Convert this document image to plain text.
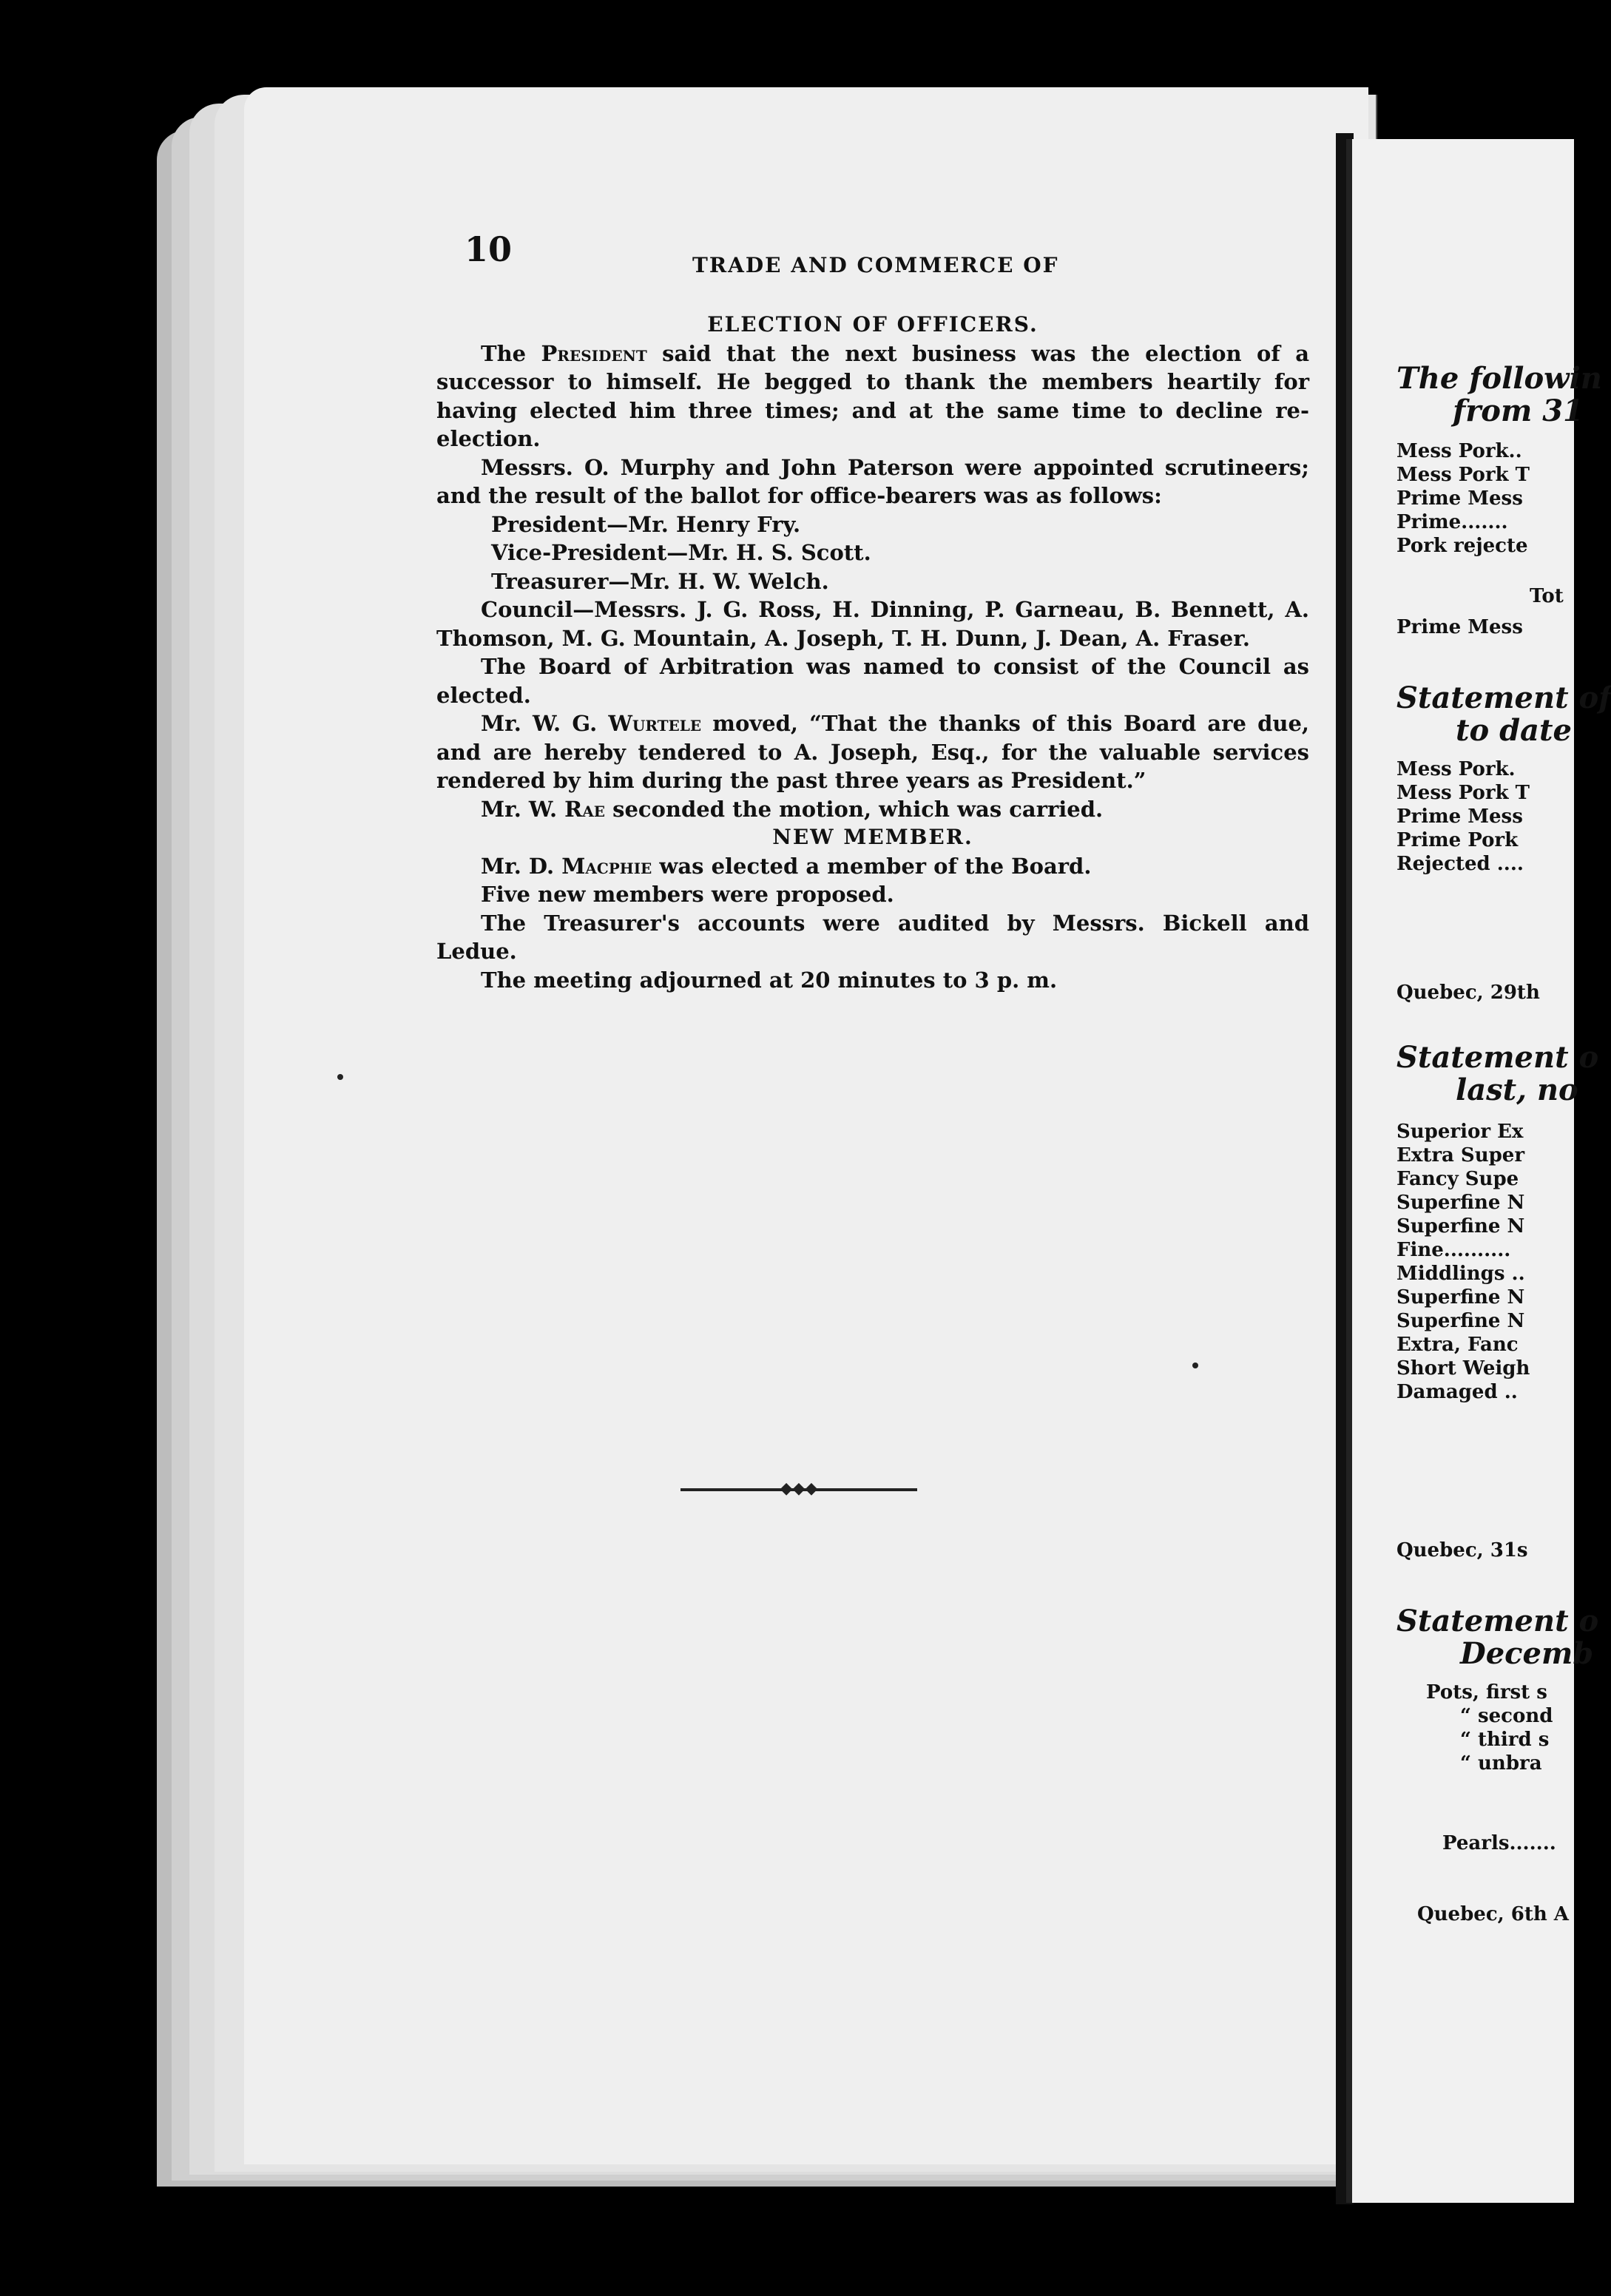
10	TRADE AND COMMERCE OF

ELECTION OF OFFICERS.

The President said that the next business was the election of a successor to himself. He begged to thank the members heartily for having elected him three times; and at the same time to decline re-election.

Messrs. O. Murphy and John Paterson were appointed scrutineers; and the result of the ballot for office-bearers was as follows:

President—Mr. Henry Fry.

Vice-President—Mr. H. S. Scott.

Treasurer—Mr. H. W. Welch.

Council—Messrs. J. G. Ross, H. Dinning, P. Garneau, B. Bennett, A. Thomson, M. G. Mountain, A. Joseph, T. H. Dunn, J. Dean, A. Fraser.

The Board of Arbitration was named to consist of the Council as elected.

Mr. W. G. Wurtele moved, “That the thanks of this Board are due, and are hereby tendered to A. Joseph, Esq., for the valuable services rendered by him during the past three years as President.”

Mr. W. Rae seconded the motion, which was carried.

NEW MEMBER.

Mr. D. Macphie was elected a member of the Board.

Five new members were proposed.

The Treasurer's accounts were audited by Messrs. Bickell and Ledue.

The meeting adjourned at 20 minutes to 3 p. m.

◆◆◆
The followin
from 31
Mess Pork..
Mess Pork T
Prime Mess
Prime.......
Pork rejecte
Tot
Prime Mess
Statement of
to date
Mess Pork.
Mess Pork T
Prime Mess
Prime Pork
Rejected ....
Quebec, 29th
Statement o
last, no
Superior Ex
Extra Super
Fancy Supe
Superfine N
Superfine N
Fine..........
Middlings ..
Superfine N
Superfine N
Extra, Fanc
Short Weigh
Damaged ..
Quebec, 31s
Statement o
Decemb
Pots, first s
“ second
“ third s
“ unbra
Pearls.......
Quebec, 6th A
